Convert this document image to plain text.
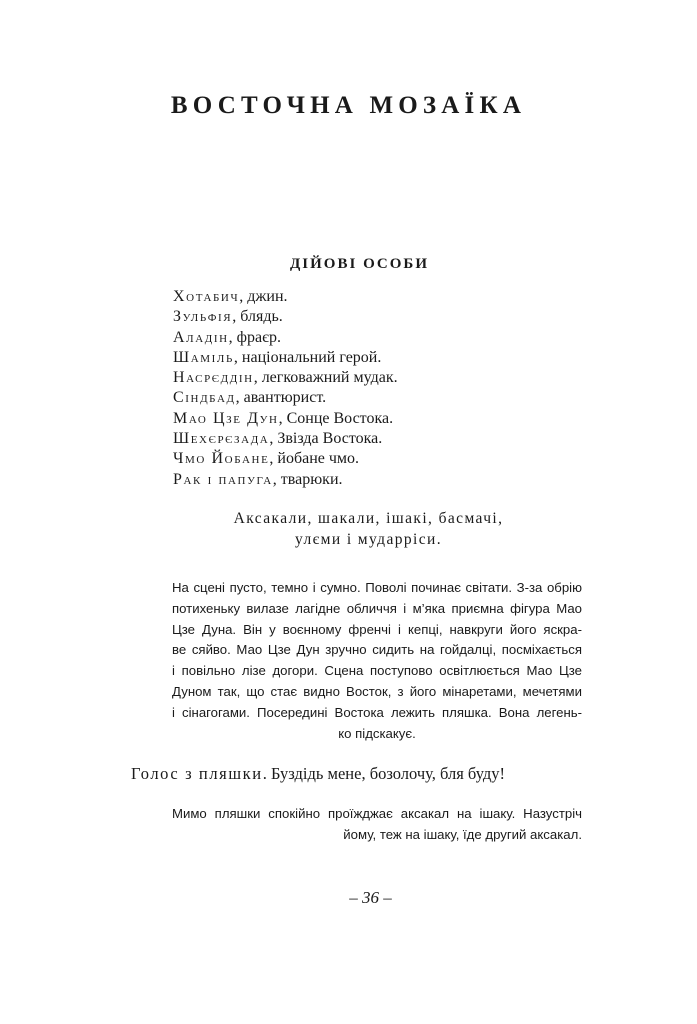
ВОСТОЧНА МОЗАЇКА
ДІЙОВІ ОСОБИ
Хотабич, джин.
Зульфія, блядь.
Аладін, фраєр.
Шаміль, національний герой.
Насрєддін, легковажний мудак.
Сіндбад, авантюрист.
Мао Цзе Дун, Сонце Востока.
Шехєрєзада, Звізда Востока.
Чмо Йобане, йобане чмо.
Рак і папуга, тварюки.
Аксакали, шакали, ішакі, басмачі,
улєми і мударріси.
На сцені пусто, темно і сумно. Поволі починає світати. З-за обрію
потихеньку вилазе лагідне обличчя і м’яка приємна фігура Мао
Цзе Дуна. Він у воєнному френчі і кепці, навкруги його яскра-
ве сяйво. Мао Цзе Дун зручно сидить на гойдалці, посміхається
і повільно лізе догори. Сцена поступово освітлюється Мао Цзе
Дуном так, що стає видно Восток, з його мінаретами, мечетями
і сінагогами. Посередині Востока лежить пляшка. Вона легень-
ко підскакує.
Голос з пляшки. Буздідь мене, бозолочу, бля буду!
Мимо пляшки спокійно проїжджає аксакал на ішаку. Назустріч
йому, теж на ішаку, їде другий аксакал.
– 36 –
